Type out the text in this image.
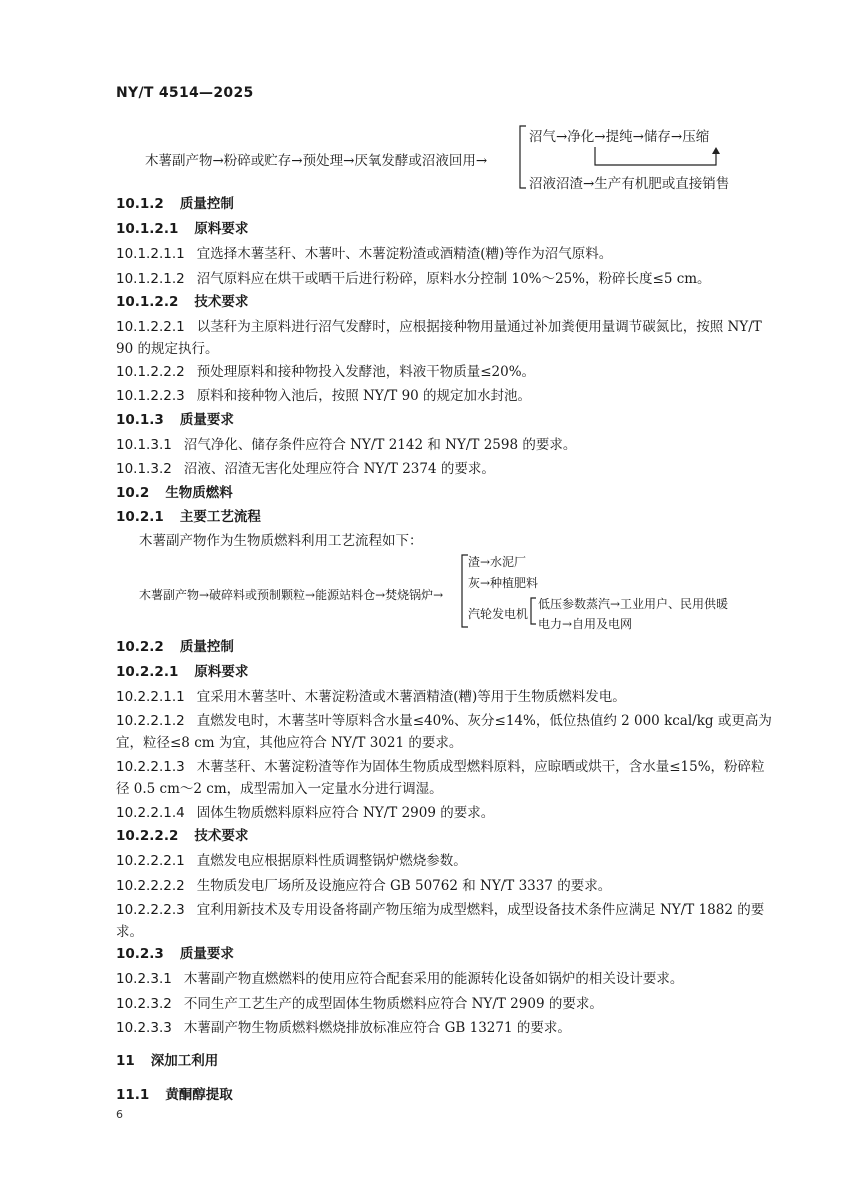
NY/T 4514—2025
木薯副产物→粉碎或贮存→预处理→厌氧发酵或沼液回用→
沼气→净化→提纯→储存→压缩
沼液沼渣→生产有机肥或直接销售
10.1.2 质量控制
10.1.2.1 原料要求
10.1.2.1.1 宜选择木薯茎秆、木薯叶、木薯淀粉渣或酒精渣(糟)等作为沼气原料。
10.1.2.1.2 沼气原料应在烘干或晒干后进行粉碎，原料水分控制 10%～25%，粉碎长度≤5 cm。
10.1.2.2 技术要求
10.1.2.2.1 以茎秆为主原料进行沼气发酵时，应根据接种物用量通过补加粪便用量调节碳氮比，按照 NY/T 90 的规定执行。
10.1.2.2.2 预处理原料和接种物投入发酵池，料液干物质量≤20%。
10.1.2.2.3 原料和接种物入池后，按照 NY/T 90 的规定加水封池。
10.1.3 质量要求
10.1.3.1 沼气净化、储存条件应符合 NY/T 2142 和 NY/T 2598 的要求。
10.1.3.2 沼液、沼渣无害化处理应符合 NY/T 2374 的要求。
10.2 生物质燃料
10.2.1 主要工艺流程
木薯副产物作为生物质燃料利用工艺流程如下：
木薯副产物→破碎料或预制颗粒→能源站料仓→焚烧锅炉→
渣→水泥厂
灰→种植肥料
汽轮发电机
低压参数蒸汽→工业用户、民用供暖
电力→自用及电网
10.2.2 质量控制
10.2.2.1 原料要求
10.2.2.1.1 宜采用木薯茎叶、木薯淀粉渣或木薯酒精渣(糟)等用于生物质燃料发电。
10.2.2.1.2 直燃发电时，木薯茎叶等原料含水量≤40%、灰分≤14%，低位热值约 2 000 kcal/kg 或更高为宜，粒径≤8 cm 为宜，其他应符合 NY/T 3021 的要求。
10.2.2.1.3 木薯茎秆、木薯淀粉渣等作为固体生物质成型燃料原料，应晾晒或烘干，含水量≤15%，粉碎粒径 0.5 cm～2 cm，成型需加入一定量水分进行调湿。
10.2.2.1.4 固体生物质燃料原料应符合 NY/T 2909 的要求。
10.2.2.2 技术要求
10.2.2.2.1 直燃发电应根据原料性质调整锅炉燃烧参数。
10.2.2.2.2 生物质发电厂场所及设施应符合 GB 50762 和 NY/T 3337 的要求。
10.2.2.2.3 宜利用新技术及专用设备将副产物压缩为成型燃料，成型设备技术条件应满足 NY/T 1882 的要求。
10.2.3 质量要求
10.2.3.1 木薯副产物直燃燃料的使用应符合配套采用的能源转化设备如锅炉的相关设计要求。
10.2.3.2 不同生产工艺生产的成型固体生物质燃料应符合 NY/T 2909 的要求。
10.2.3.3 木薯副产物生物质燃料燃烧排放标准应符合 GB 13271 的要求。
11 深加工利用
11.1 黄酮醇提取
6
